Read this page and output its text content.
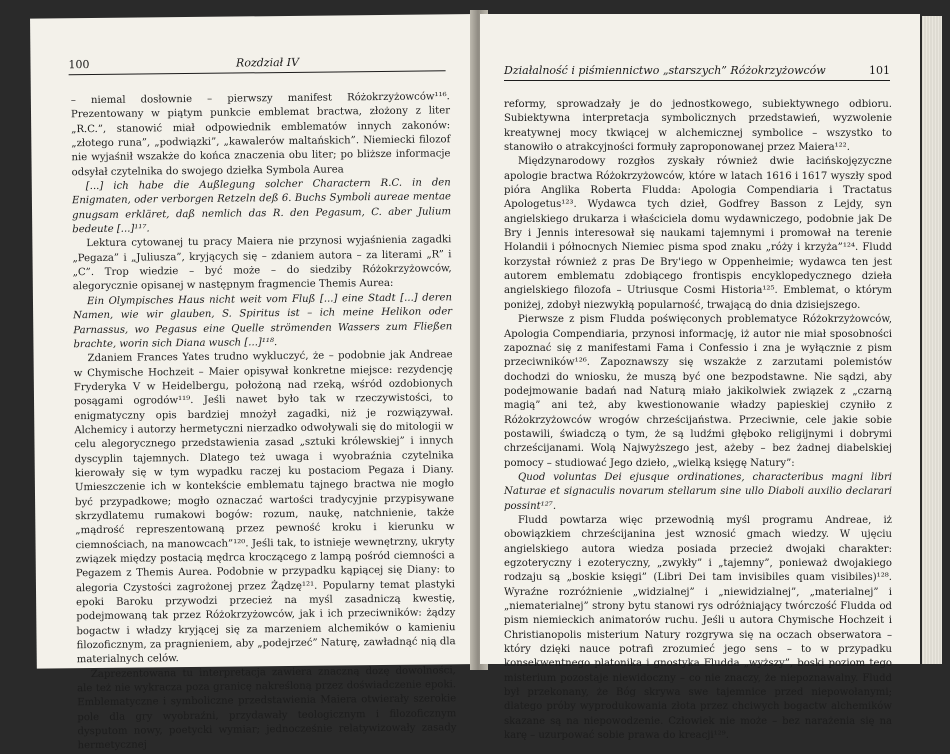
100	Rozdział IV

– niemal dosłownie – pierwszy manifest Różokrzyżowców¹¹⁶. Prezentowany w piątym punkcie emblemat bractwa, złożony z liter „R.C.”, stanowić miał odpowiednik emblematów innych zakonów: „złotego runa”, „podwiązki”, „kawalerów maltańskich”. Niemiecki filozof nie wyjaśnił wszakże do końca znaczenia obu liter; po bliższe informacje odsyłał czytelnika do swojego dziełka Symbola Aurea

[...] ich habe die Außlegung solcher Charactern R.C. in den Enigmaten, oder verborgen Retzeln deß 6. Buchs Symboli aureae mentae gnugsam erkläret, daß nemlich das R. den Pegasum, C. aber Julium bedeute [...]¹¹⁷.

Lektura cytowanej tu pracy Maiera nie przynosi wyjaśnienia zagadki „Pegaza” i „Juliusza”, kryjących się – zdaniem autora – za literami „R” i „C”. Trop wiedzie – być może – do siedziby Różokrzyżowców, alegorycznie opisanej w następnym fragmencie Themis Aurea:

Ein Olympisches Haus nicht weit vom Fluß [...] eine Stadt [...] deren Namen, wie wir glauben, S. Spiritus ist – ich meine Helikon oder Parnassus, wo Pegasus eine Quelle strömenden Wassers zum Fließen brachte, worin sich Diana wusch [...]¹¹⁸.

Zdaniem Frances Yates trudno wykluczyć, że – podobnie jak Andreae w Chymische Hochzeit – Maier opisywał konkretne miejsce: rezydencję Fryderyka V w Heidelbergu, położoną nad rzeką, wśród ozdobionych posągami ogrodów¹¹⁹. Jeśli nawet było tak w rzeczywistości, to enigmatyczny opis bardziej mnożył zagadki, niż je rozwiązywał. Alchemicy i autorzy hermetyczni nierzadko odwoływali się do mitologii w celu alegorycznego przedstawienia zasad „sztuki królewskiej” i innych dyscyplin tajemnych. Dlatego też uwaga i wyobraźnia czytelnika kierowały się w tym wypadku raczej ku postaciom Pegaza i Diany. Umieszczenie ich w kontekście emblematu tajnego bractwa nie mogło być przypadkowe; mogło oznaczać wartości tradycyjnie przypisywane skrzydlatemu rumakowi bogów: rozum, naukę, natchnienie, także „mądrość represzentowaną przez pewność kroku i kierunku w ciemnościach, na manowcach”¹²⁰. Jeśli tak, to istnieje wewnętrzny, ukryty związek między postacią mędrca kroczącego z lampą pośród ciemności a Pegazem z Themis Aurea. Podobnie w przypadku kąpiącej się Diany: to alegoria Czystości zagrożonej przez Żądzę¹²¹. Popularny temat plastyki epoki Baroku przywodzi przecież na myśl zasadniczą kwestię, podejmowaną tak przez Różokrzyżowców, jak i ich przeciwników: żądzy bogactw i władzy kryjącej się za marzeniem alchemików o kamieniu filozoficznym, za pragnieniem, aby „podejrzeć” Naturę, zawładnąć nią dla materialnych celów.

Zaprezentowana tu interpretacja zawiera znaczną dozę dowolności, ale też nie wykracza poza granicę nakreśloną przez doświadczenie epoki. Emblematyczne i symboliczne przedstawienia Maiera otwierały szerokie pole dla gry wyobraźni, przydawały teologicznym i filozoficznym dysputom nowy, poetycki wymiar; jednocześnie relatywizowały zasady hermetycznej

Działalność i piśmiennictwo „starszych” Różokrzyżowców	101

reformy, sprowadzały je do jednostkowego, subiektywnego odbioru. Subiektywna interpretacja symbolicznych przedstawień, wyzwolenie kreatywnej mocy tkwiącej w alchemicznej symbolice – wszystko to stanowiło o atrakcyjności formuły zaproponowanej przez Maiera¹²².

Międzynarodowy rozgłos zyskały również dwie łacińskojęzyczne apologie bractwa Różokrzyżowców, które w latach 1616 i 1617 wyszły spod pióra Anglika Roberta Fludda: Apologia Compendiaria i Tractatus Apologetus¹²³. Wydawca tych dzieł, Godfrey Basson z Lejdy, syn angielskiego drukarza i właściciela domu wydawniczego, podobnie jak De Bry i Jennis interesował się naukami tajemnymi i promował na terenie Holandii i północnych Niemiec pisma spod znaku „róży i krzyża”¹²⁴. Fludd korzystał również z pras De Bry'iego w Oppenheimie; wydawca ten jest autorem emblematu zdobiącego frontispis encyklopedycznego dzieła angielskiego filozofa – Utriusque Cosmi Historia¹²⁵. Emblemat, o którym poniżej, zdobył niezwykłą popularność, trwającą do dnia dzisiejszego.

Pierwsze z pism Fludda poświęconych problematyce Różokrzyżowców, Apologia Compendiaria, przynosi informację, iż autor nie miał sposobności zapoznać się z manifestami Fama i Confessio i zna je wyłącznie z pism przeciwników¹²⁶. Zapoznawszy się wszakże z zarzutami polemistów dochodzi do wniosku, że muszą być one bezpodstawne. Nie sądzi, aby podejmowanie badań nad Naturą miało jakikolwiek związek z „czarną magią” ani też, aby kwestionowanie władzy papieskiej czyniło z Różokrzyżowców wrogów chrześcijaństwa. Przeciwnie, cele jakie sobie postawili, świadczą o tym, że są ludźmi głęboko religijnymi i dobrymi chrześcijanami. Wolą Najwyższego jest, ażeby – bez żadnej diabelskiej pomocy – studiować Jego dzieło, „wielką księgę Natury”:

Quod voluntas Dei ejusque ordinationes, characteribus magni libri Naturae et signaculis novarum stellarum sine ullo Diaboli auxilio declarari possint¹²⁷.

Fludd powtarza więc przewodnią myśl programu Andreae, iż obowiązkiem chrześcijanina jest wznosić gmach wiedzy. W ujęciu angielskiego autora wiedza posiada przecież dwojaki charakter: egzoteryczny i ezoteryczny, „zwykły” i „tajemny”, ponieważ dwojakiego rodzaju są „boskie księgi” (Libri Dei tam invisibiles quam visibiles)¹²⁸. Wyraźne rozróżnienie „widzialnej” i „niewidzialnej”, „materialnej” i „niematerialnej” strony bytu stanowi rys odróżniający twórczość Fludda od pism niemieckich animatorów ruchu. Jeśli u autora Chymische Hochzeit i Christianopolis misterium Natury rozgrywa się na oczach obserwatora – który dzięki nauce potrafi zrozumieć jego sens – to w przypadku konsekwentnego platonika i gnostyka Fludda „wyższy”, boski poziom tego misterium pozostaje niewidoczny – co nie znaczy, że niepoznawalny. Fludd był przekonany, że Bóg skrywa swe tajemnice przed niepowołanymi; dlatego próby wyprodukowania złota przez chciwych bogactw alchemików skazane są na niepowodzenie. Człowiek nie może – bez narażenia się na karę – uzurpować sobie prawa do kreacji¹²⁹.
